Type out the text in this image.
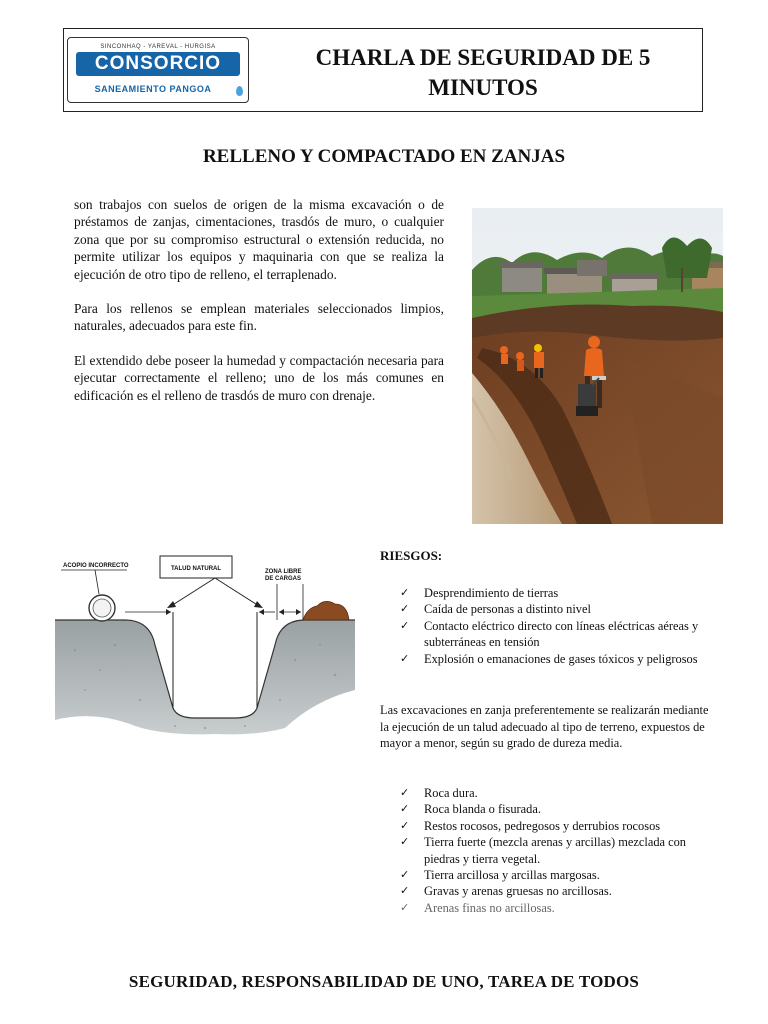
SINCONHAQ - YAREVAL - HURGISA
CONSORCIO
SANEAMIENTO PANGOA
CHARLA DE SEGURIDAD DE 5
MINUTOS
RELLENO Y COMPACTADO EN ZANJAS

son trabajos con suelos de origen de la misma excavación o de préstamos de zanjas, cimentaciones, trasdós de muro, o cualquier zona que por su compromiso estructural o extensión reducida, no permite utilizar los equipos y maquinaria con que se realiza la ejecución de otro tipo de relleno, el terraplenado.

Para los rellenos se emplean materiales seleccionados limpios, naturales, adecuados para este fin.

El extendido debe poseer la humedad y compactación necesaria para ejecutar correctamente el relleno; uno de los más comunes en edificación es el relleno de trasdós de muro con drenaje.

ACOPIO INCORRECTO	TALUD NATURAL	ZONA LIBRE
DE CARGAS
RIESGOS:
✓ Desprendimiento de tierras
✓ Caída de personas a distinto nivel
✓ Contacto eléctrico directo con líneas eléctricas aéreas y subterráneas en tensión
✓ Explosión o emanaciones de gases tóxicos y peligrosos
Las excavaciones en zanja preferentemente se realizarán mediante la ejecución de un talud adecuado al tipo de terreno, expuestos de mayor a menor, según su grado de dureza media.
✓ Roca dura.
✓ Roca blanda o fisurada.
✓ Restos rocosos, pedregosos y derrubios rocosos
✓ Tierra fuerte (mezcla arenas y arcillas) mezclada con piedras y tierra vegetal.
✓ Tierra arcillosa y arcillas margosas.
✓ Gravas y arenas gruesas no arcillosas.
✓ Arenas finas no arcillosas.
SEGURIDAD, RESPONSABILIDAD DE UNO, TAREA DE TODOS
